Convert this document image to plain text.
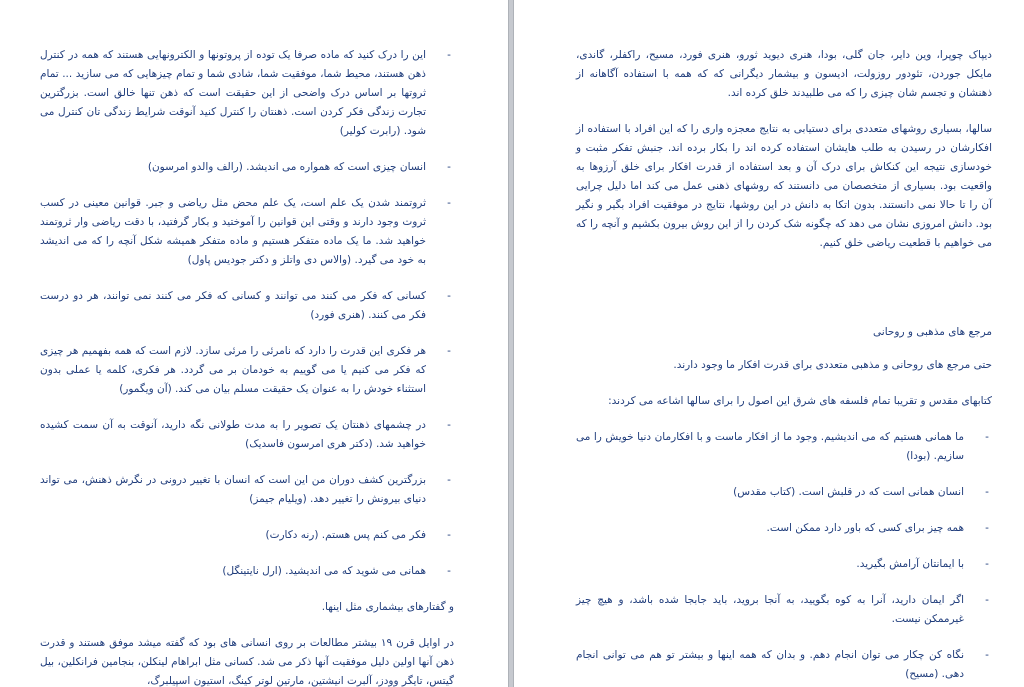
-
این را درک کنید که ماده صرفا یک توده از پروتونها و الکترونهایی هستند که همه در کنترل ذهن هستند، محیط شما، موفقیت شما، شادی شما و تمام چیزهایی که می سازید ... تمام ثروتها بر اساس درک واضحی از این حقیقت است که ذهن تنها خالق است. بزرگترین تجارت زندگی فکر کردن است. ذهنتان را کنترل کنید آنوقت شرایط زندگی تان کنترل می شود. (رابرت کولیر)
-
انسان چیزی است که همواره می اندیشد. (رالف والدو امرسون)
-
ثروتمند شدن یک علم است، یک علم محض مثل ریاضی و جبر. قوانین معینی در کسب ثروت وجود دارند و وقتی این قوانین را آموختید و بکار گرفتید، با دقت ریاضی وار ثروتمند خواهید شد. ما یک ماده متفکر هستیم و ماده متفکر همیشه شکل آنچه را که می اندیشد به خود می گیرد. (والاس دی واتلز و دکتر جودیس پاول)
-
کسانی که فکر می کنند می توانند و کسانی که فکر می کنند نمی توانند، هر دو درست فکر می کنند. (هنری فورد)
-
هر فکری این قدرت را دارد که نامرئی را مرئی سازد. لازم است که همه بفهمیم هر چیزی که فکر می کنیم یا می گوییم به خودمان بر می گردد. هر فکری، کلمه یا عملی بدون استثناء خودش را به عنوان یک حقیقت مسلم بیان می کند. (آن ویگمور)
-
در چشمهای ذهنتان یک تصویر را به مدت طولانی نگه دارید، آنوقت به آن سمت کشیده خواهید شد. (دکتر هری امرسون فاسدیک)
-
بزرگترین کشف دوران من این است که انسان با تغییر درونی در نگرش ذهنش، می تواند دنیای بیرونش را تغییر دهد. (ویلیام جیمز)
-
فکر می کنم پس هستم. (رنه دکارت)
-
همانی می شوید که می اندیشید. (ارل نایتینگل)

و گفتارهای بیشماری مثل اینها.

در اوایل قرن ۱۹ بیشتر مطالعات بر روی انسانی های بود که گفته میشد موفق هستند و قدرت ذهن آنها اولین دلیل موفقیت آنها ذکر می شد. کسانی مثل ابراهام لینکلن، بنجامین فرانکلین، بیل گیتس، تایگر وودز، آلبرت انیشتین، مارتین لوتر کینگ، استیون اسپیلبرگ،

دیپاک چوپرا، وین دایر، جان گلی، بودا، هنری دیوید ثورو، هنری فورد، مسیح، راکفلر، گاندی، مایکل جوردن، تئودور روزولت، ادیسون و بیشمار دیگرانی که که همه با استفاده آگاهانه از ذهنشان و تجسم شان چیزی را که می طلبیدند خلق کرده اند.

سالها، بسیاری روشهای متعددی برای دستیابی به نتایج معجزه واری را که این افراد با استفاده از افکارشان در رسیدن به طلب هایشان استفاده کرده اند را بکار برده اند. جنبش تفکر مثبت و خودسازی نتیجه این کنکاش برای درک آن و بعد استفاده از قدرت افکار برای خلق آرزوها به واقعیت بود. بسیاری از متخصصان می دانستند که روشهای ذهنی عمل می کند اما دلیل چرایی آن را تا حالا نمی دانستند. بدون اتکا به دانش در این روشها، نتایج در موفقیت افراد بگیر و نگیر بود. دانش امروزی نشان می دهد که چگونه شک کردن را از این روش بیرون بکشیم و آنچه را که می خواهیم با قطعیت ریاضی خلق کنیم.

مرجع های مذهبی و روحانی

حتی مرجع های روحانی و مذهبی متعددی برای قدرت افکار ما وجود دارند.

کتابهای مقدس و تقریبا تمام فلسفه های شرق این اصول را برای سالها اشاعه می کردند:

-
ما همانی هستیم که می اندیشیم. وجود ما از افکار ماست و با افکارمان دنیا خویش را می سازیم. (بودا)
-
انسان همانی است که در قلبش است. (کتاب مقدس)
-
همه چیز برای کسی که باور دارد ممکن است.
-
با ایمانتان آرامش بگیرید.
-
اگر ایمان دارید، آنرا به کوه بگویید، به آنجا بروید، باید جابجا شده باشد، و هیچ چیز غیرممکن نیست.
-
نگاه کن چکار می توان انجام دهم. و بدان که همه اینها و بیشتر تو هم می توانی انجام دهی. (مسیح)
